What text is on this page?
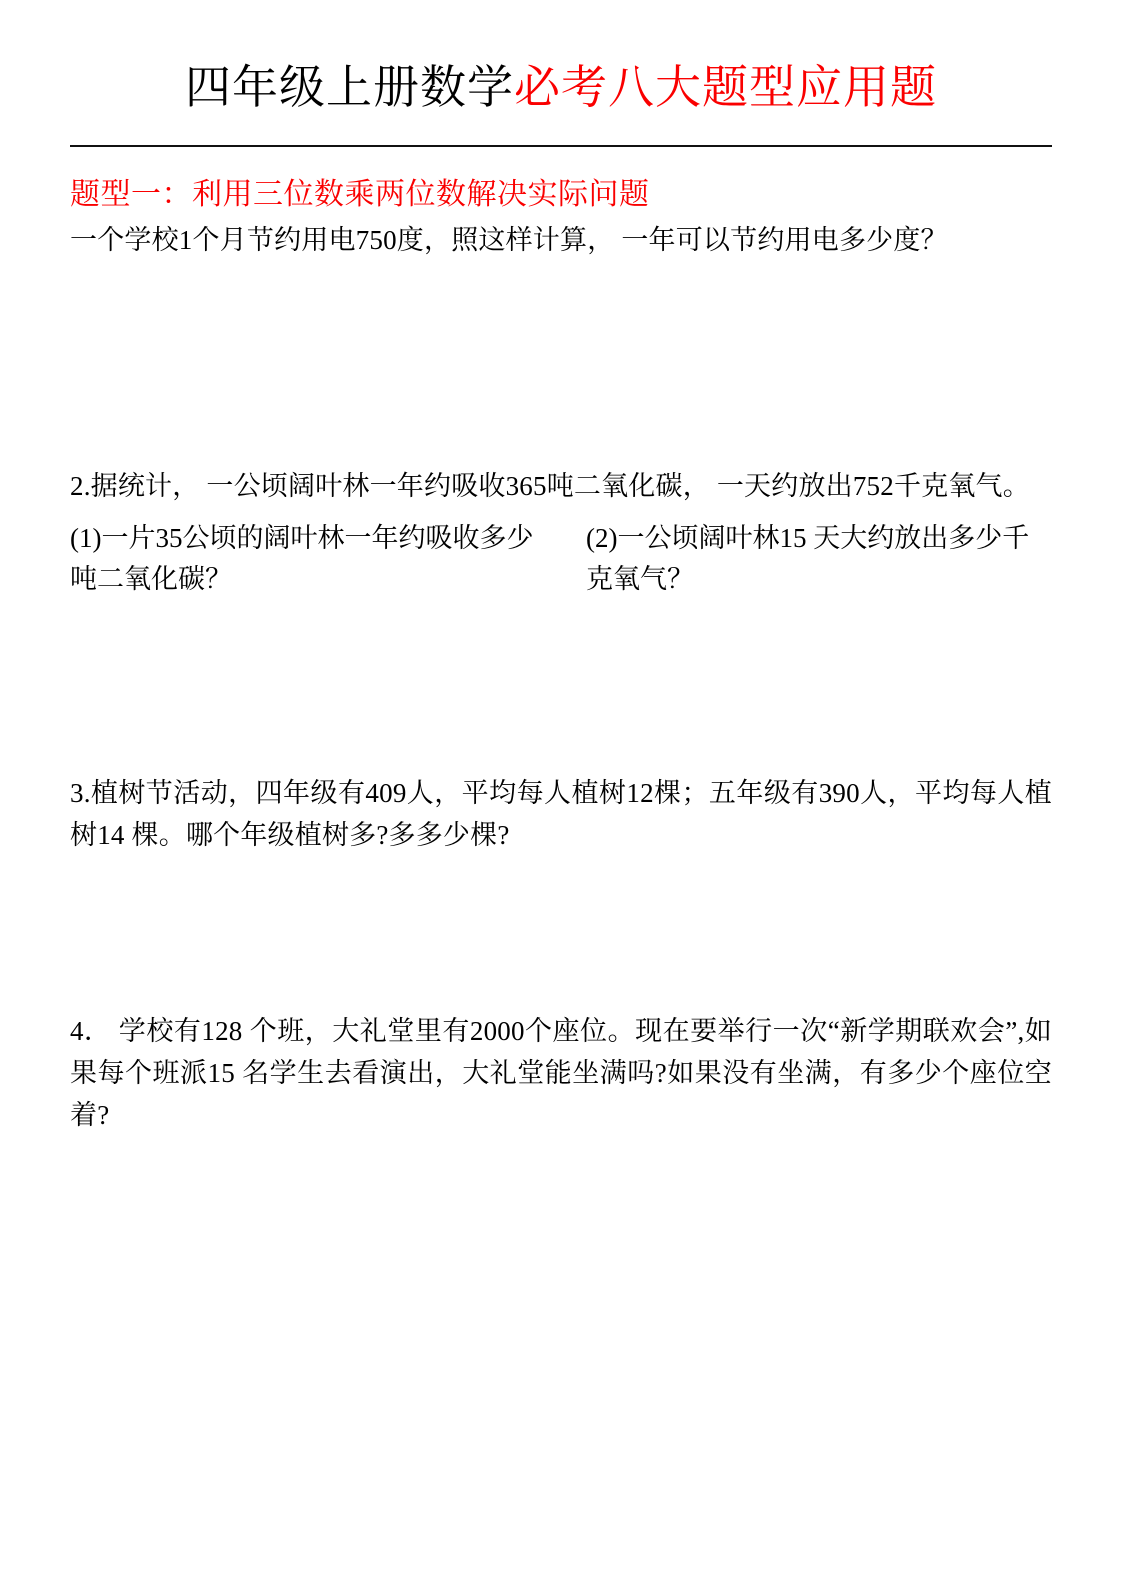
四年级上册数学必考八大题型应用题
题型一：利用三位数乘两位数解决实际问题

一个学校1个月节约用电750度，照这样计算， 一年可以节约用电多少度？

2.据统计， 一公顷阔叶林一年约吸收365吨二氧化碳， 一天约放出752千克氧气。

(1)一片35公顷的阔叶林一年约吸收多少吨二氧化碳？
(2)一公顷阔叶林15 天大约放出多少千克氧气？

3.植树节活动，四年级有409人，平均每人植树12棵；五年级有390人，平均每人植树14 棵。哪个年级植树多?多多少棵?

4． 学校有128 个班，大礼堂里有2000个座位。现在要举行一次“新学期联欢会”,如果每个班派15 名学生去看演出，大礼堂能坐满吗?如果没有坐满，有多少个座位空着?
